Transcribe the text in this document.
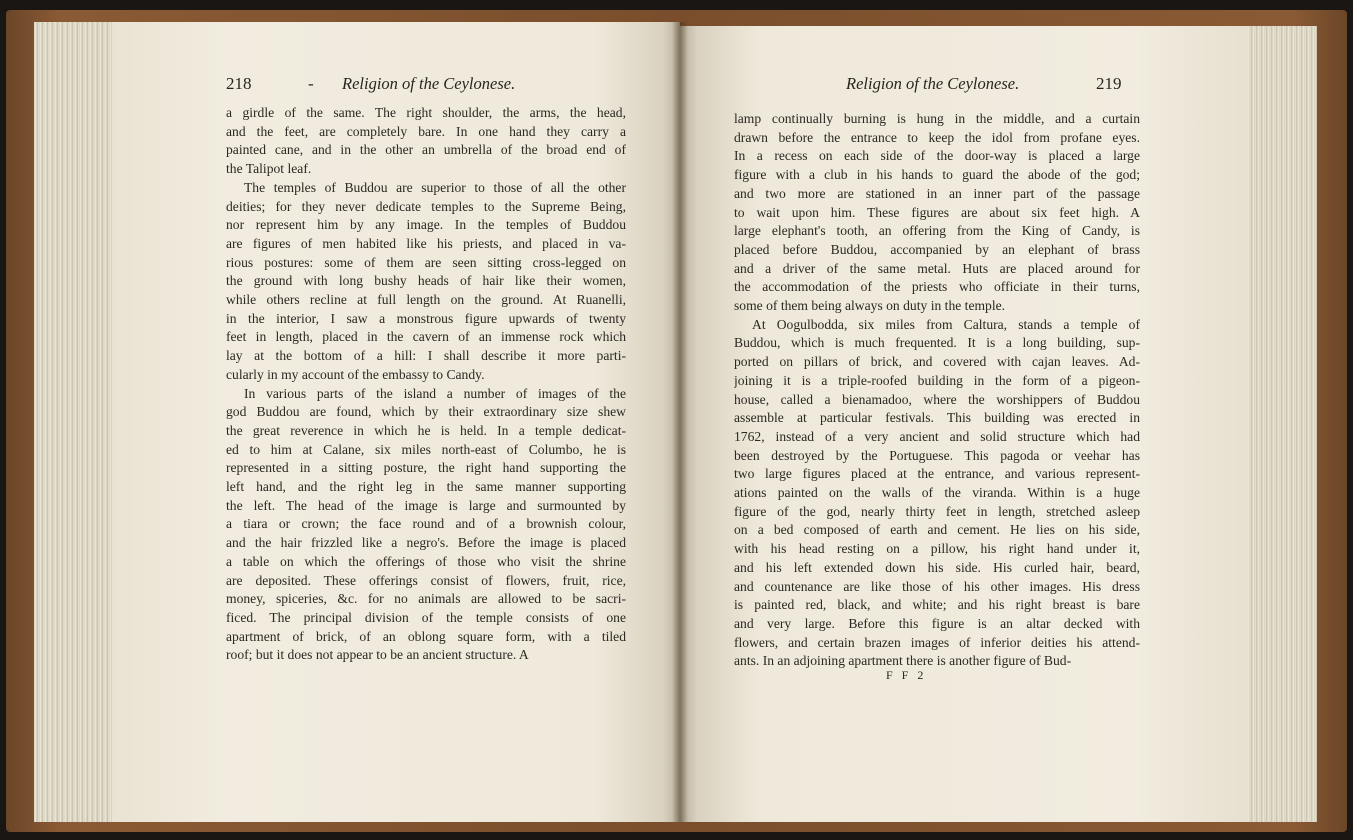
218	- Religion of the Ceylonese.	Religion of the Ceylonese.	219
a girdle of the same. The right shoulder, the arms, the head,
and the feet, are completely bare. In one hand they carry a
painted cane, and in the other an umbrella of the broad end of
the Talipot leaf.
The temples of Buddou are superior to those of all the other
deities; for they never dedicate temples to the Supreme Being,
nor represent him by any image. In the temples of Buddou
are figures of men habited like his priests, and placed in va-
rious postures: some of them are seen sitting cross-legged on
the ground with long bushy heads of hair like their women,
while others recline at full length on the ground. At Ruanelli,
in the interior, I saw a monstrous figure upwards of twenty
feet in length, placed in the cavern of an immense rock which
lay at the bottom of a hill: I shall describe it more parti-
cularly in my account of the embassy to Candy.
In various parts of the island a number of images of the
god Buddou are found, which by their extraordinary size shew
the great reverence in which he is held. In a temple dedicat-
ed to him at Calane, six miles north-east of Columbo, he is
represented in a sitting posture, the right hand supporting the
left hand, and the right leg in the same manner supporting
the left. The head of the image is large and surmounted by
a tiara or crown; the face round and of a brownish colour,
and the hair frizzled like a negro's. Before the image is placed
a table on which the offerings of those who visit the shrine
are deposited. These offerings consist of flowers, fruit, rice,
money, spiceries, &c. for no animals are allowed to be sacri-
ficed. The principal division of the temple consists of one
apartment of brick, of an oblong square form, with a tiled
roof; but it does not appear to be an ancient structure. A
lamp continually burning is hung in the middle, and a curtain
drawn before the entrance to keep the idol from profane eyes.
In a recess on each side of the door-way is placed a large
figure with a club in his hands to guard the abode of the god;
and two more are stationed in an inner part of the passage
to wait upon him. These figures are about six feet high. A
large elephant's tooth, an offering from the King of Candy, is
placed before Buddou, accompanied by an elephant of brass
and a driver of the same metal. Huts are placed around for
the accommodation of the priests who officiate in their turns,
some of them being always on duty in the temple.
At Oogulbodda, six miles from Caltura, stands a temple of
Buddou, which is much frequented. It is a long building, sup-
ported on pillars of brick, and covered with cajan leaves. Ad-
joining it is a triple-roofed building in the form of a pigeon-
house, called a bienamadoo, where the worshippers of Buddou
assemble at particular festivals. This building was erected in
1762, instead of a very ancient and solid structure which had
been destroyed by the Portuguese. This pagoda or veehar has
two large figures placed at the entrance, and various represent-
ations painted on the walls of the viranda. Within is a huge
figure of the god, nearly thirty feet in length, stretched asleep
on a bed composed of earth and cement. He lies on his side,
with his head resting on a pillow, his right hand under it,
and his left extended down his side. His curled hair, beard,
and countenance are like those of his other images. His dress
is painted red, black, and white; and his right breast is bare
and very large. Before this figure is an altar decked with
flowers, and certain brazen images of inferior deities his attend-
ants. In an adjoining apartment there is another figure of Bud-
F F 2
